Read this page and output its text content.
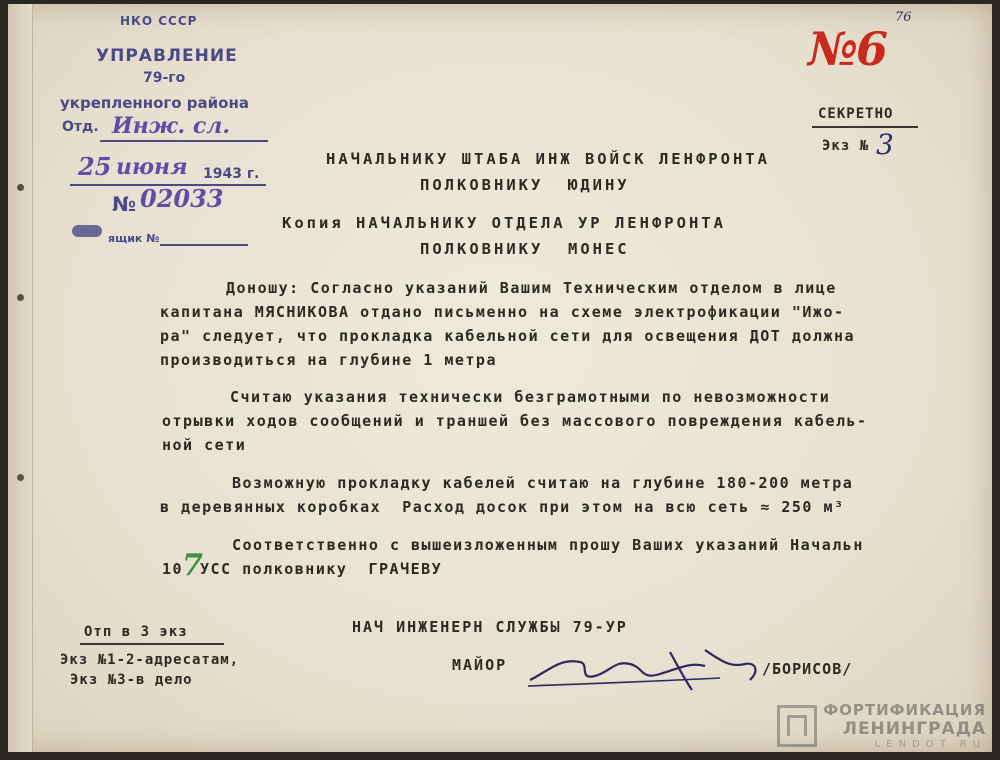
НКО СССР
УПРАВЛЕНИЕ
79-го
укрепленного района
Отд. Инж. сл.
25 июня 1943 г.
№ 02033
ящик №
№6
76
СЕКРЕТНО
Экз № 3
НАЧАЛЬНИКУ ШТАБА ИНЖ ВОЙСК ЛЕНФРОНТА
ПОЛКОВНИКУ  ЮДИНУ
Копия НАЧАЛЬНИКУ ОТДЕЛА УР ЛЕНФРОНТА
ПОЛКОВНИКУ  МОНЕС
Доношу: Согласно указаний Вашим Техническим отделом в лице
капитана МЯСНИКОВА отдано письменно на схеме электрофикации "Ижо-
ра" следует, что прокладка кабельной сети для освещения ДОТ должна
производиться на глубине 1 метра
Считаю указания технически безграмотными по невозможности
отрывки ходов сообщений и траншей без массового повреждения кабель-
ной сети
Возможную прокладку кабелей считаю на глубине 180-200 метра
в деревянных коробках  Расход досок при этом на всю сеть ≈ 250 м³
Соответственно с вышеизложенным прошу Ваших указаний Начальн
10
7
УСС полковнику  ГРАЧЕВУ
Отп в 3 экз
Экз №1-2-адресатам,
Экз №3-в дело
НАЧ ИНЖЕНЕРН СЛУЖБЫ 79-УР
МАЙОР	/БОРИСОВ/
ФОРТИФИКАЦИЯ
ЛЕНИНГРАДА
LENDOT.RU
